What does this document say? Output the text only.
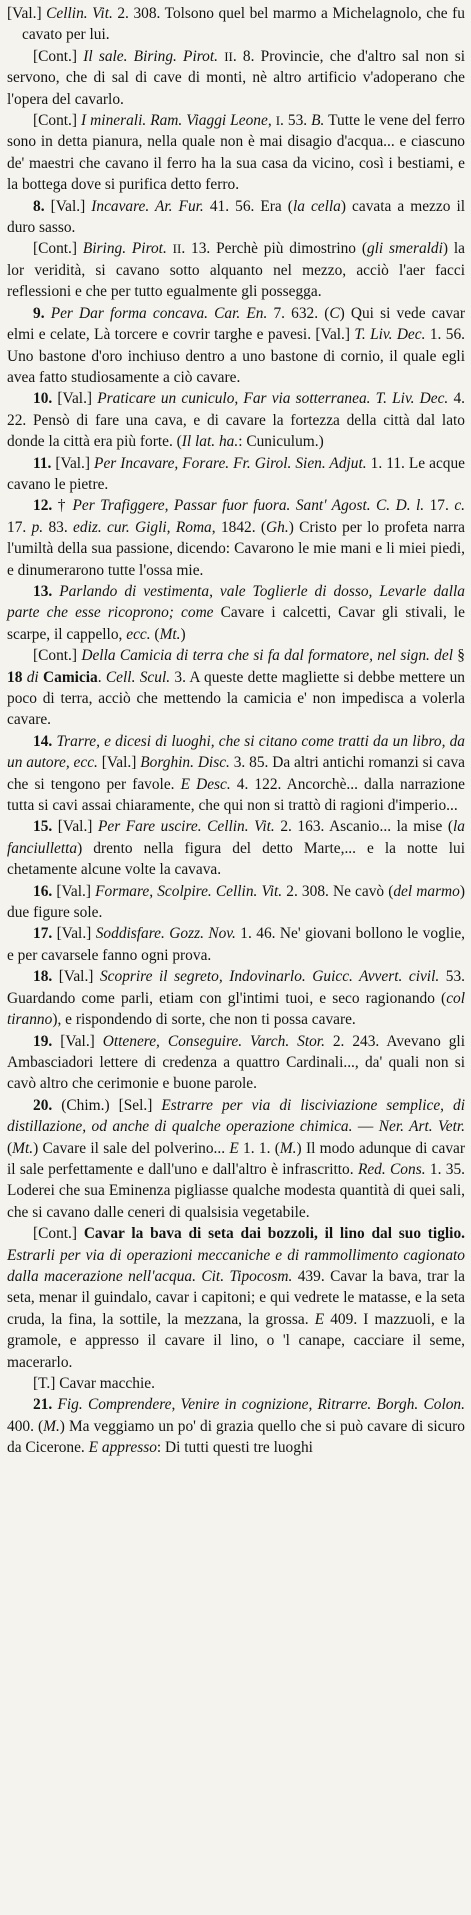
[Val.] Cellin. Vit. 2. 308. Tolsono quel bel marmo a Michelagnolo, che fu cavato per lui.

[Cont.] Il sale. Biring. Pirot. II. 8. Provincie, che d'altro sal non si servono, che di sal di cave di monti, nè altro artificio v'adoperano che l'opera del cavarlo.

[Cont.] I minerali. Ram. Viaggi Leone, I. 53. B. Tutte le vene del ferro sono in detta pianura, nella quale non è mai disagio d'acqua... e ciascuno de' maestri che cavano il ferro ha la sua casa da vicino, così i bestiami, e la bottega dove si purifica detto ferro.

8. [Val.] Incavare. Ar. Fur. 41. 56. Era (la cella) cavata a mezzo il duro sasso.

[Cont.] Biring. Pirot. II. 13. Perchè più dimostrino (gli smeraldi) la lor veridità, si cavano sotto alquanto nel mezzo, acciò l'aer facci reflessioni e che per tutto egualmente gli possegga.

9. Per Dar forma concava. Car. En. 7. 632. (C) Qui si vede cavar elmi e celate, Là torcere e covrir targhe e pavesi. [Val.] T. Liv. Dec. 1. 56. Uno bastone d'oro inchiuso dentro a uno bastone di cornio, il quale egli avea fatto studiosamente a ciò cavare.

10. [Val.] Praticare un cuniculo, Far via sotterranea. T. Liv. Dec. 4. 22. Pensò di fare una cava, e di cavare la fortezza della città dal lato donde la città era più forte. (Il lat. ha.: Cuniculum.)

11. [Val.] Per Incavare, Forare. Fr. Girol. Sien. Adjut. 1. 11. Le acque cavano le pietre.

12. † Per Trafiggere, Passar fuor fuora. Sant' Agost. C. D. l. 17. c. 17. p. 83. ediz. cur. Gigli, Roma, 1842. (Gh.) Cristo per lo profeta narra l'umiltà della sua passione, dicendo: Cavarono le mie mani e li miei piedi, e dinumerarono tutte l'ossa mie.

13. Parlando di vestimenta, vale Toglierle di dosso, Levarle dalla parte che esse ricoprono; come Cavare i calcetti, Cavar gli stivali, le scarpe, il cappello, ecc. (Mt.)

[Cont.] Della Camicia di terra che si fa dal formatore, nel sign. del § 18 di Camicia. Cell. Scul. 3. A queste dette magliette si debbe mettere un poco di terra, acciò che mettendo la camicia e' non impedisca a volerla cavare.

14. Trarre, e dicesi di luoghi, che si citano come tratti da un libro, da un autore, ecc. [Val.] Borghin. Disc. 3. 85. Da altri antichi romanzi si cava che si tengono per favole. E Desc. 4. 122. Ancorchè... dalla narrazione tutta si cavi assai chiaramente, che qui non si trattò di ragioni d'imperio...

15. [Val.] Per Fare uscire. Cellin. Vit. 2. 163. Ascanio... la mise (la fanciulletta) drento nella figura del detto Marte,... e la notte lui chetamente alcune volte la cavava.

16. [Val.] Formare, Scolpire. Cellin. Vit. 2. 308. Ne cavò (del marmo) due figure sole.

17. [Val.] Soddisfare. Gozz. Nov. 1. 46. Ne' giovani bollono le voglie, e per cavarsele fanno ogni prova.

18. [Val.] Scoprire il segreto, Indovinarlo. Guicc. Avvert. civil. 53. Guardando come parli, etiam con gl'intimi tuoi, e seco ragionando (col tiranno), e rispondendo di sorte, che non ti possa cavare.

19. [Val.] Ottenere, Conseguire. Varch. Stor. 2. 243. Avevano gli Ambasciadori lettere di credenza a quattro Cardinali..., da' quali non si cavò altro che cerimonie e buone parole.

20. (Chim.) [Sel.] Estrarre per via di lisciviazione semplice, di distillazione, od anche di qualche operazione chimica. — Ner. Art. Vetr. (Mt.) Cavare il sale del polverino... E 1. 1. (M.) Il modo adunque di cavar il sale perfettamente e dall'uno e dall'altro è infrascritto. Red. Cons. 1. 35. Loderei che sua Eminenza pigliasse qualche modesta quantità di quei sali, che si cavano dalle ceneri di qualsisia vegetabile.

[Cont.] Cavar la bava di seta dai bozzoli, il lino dal suo tiglio. Estrarli per via di operazioni meccaniche e di rammollimento cagionato dalla macerazione nell'acqua. Cit. Tipocosm. 439. Cavar la bava, trar la seta, menar il guindalo, cavar i capitoni; e qui vedrete le matasse, e la seta cruda, la fina, la sottile, la mezzana, la grossa. E 409. I mazzuoli, e la gramole, e appresso il cavare il lino, o 'l canape, cacciare il seme, macerarlo.

[T.] Cavar macchie.

21. Fig. Comprendere, Venire in cognizione, Ritrarre. Borgh. Colon. 400. (M.) Ma veggiamo un po' di grazia quello che si può cavare di sicuro da Cicerone. E appresso: Di tutti questi tre luoghi
